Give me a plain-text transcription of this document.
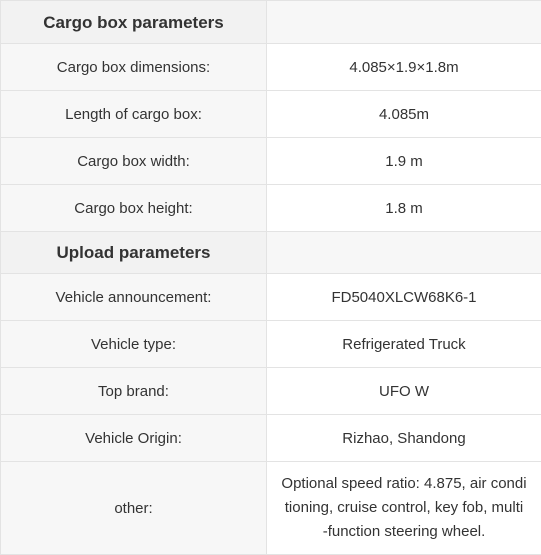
Cargo box parameters	
Cargo box dimensions:	4.085×1.9×1.8m
Length of cargo box:	4.085m
Cargo box width:	1.9 m
Cargo box height:	1.8 m
Upload parameters	
Vehicle announcement:	FD5040XLCW68K6-1
Vehicle type:	Refrigerated Truck
Top brand:	UFO W
Vehicle Origin:	Rizhao, Shandong
other:	Optional speed ratio: 4.875, air condi
tioning, cruise control, key fob, multi
-function steering wheel.
